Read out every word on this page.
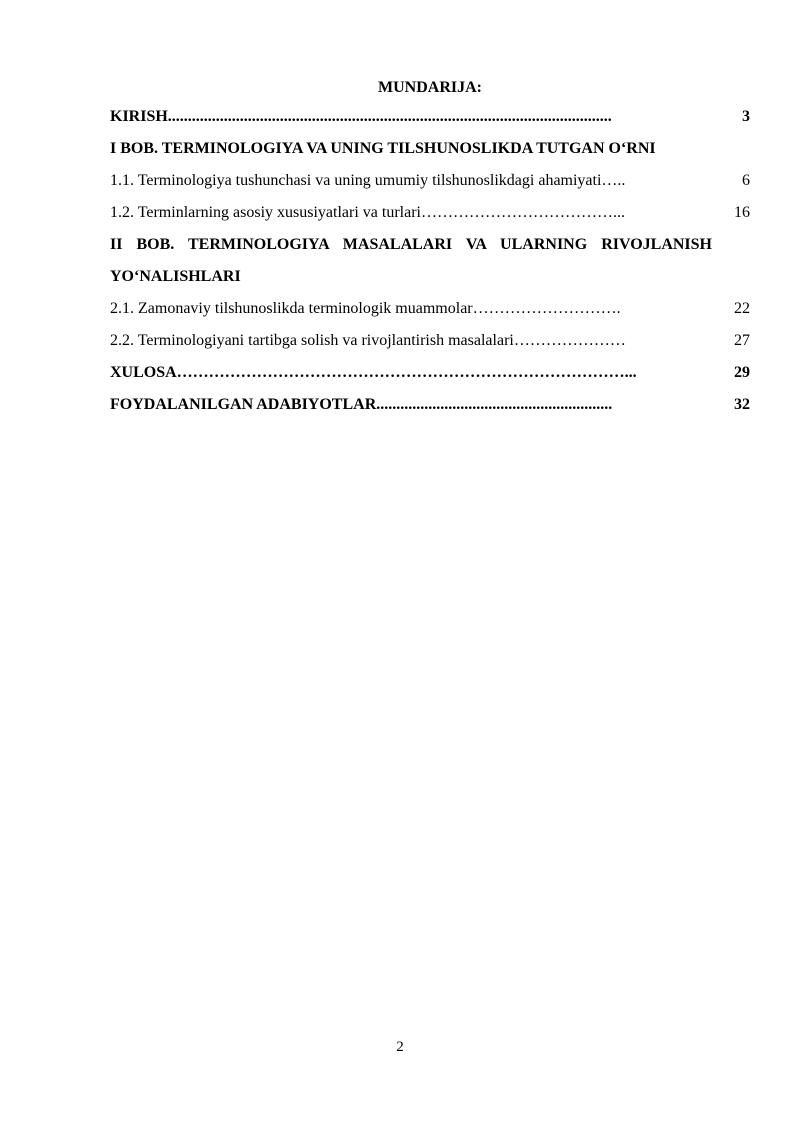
MUNDARIJA:
KIRISH...............................................................................................................	3
I BOB. TERMINOLOGIYA VA UNING TILSHUNOSLIKDA TUTGAN O‘RNI
1.1. Terminologiya tushunchasi va uning umumiy tilshunoslikdagi ahamiyati…..	6
1.2. Terminlarning asosiy xususiyatlari va turlari………………………………...	16
II BOB. TERMINOLOGIYA MASALALARI VA ULARNING RIVOJLANISH YO‘NALISHLARI
2.1. Zamonaviy tilshunoslikda terminologik muammolar……………………….	22
2.2. Terminologiyani tartibga solish va rivojlantirish masalalari…………………	27
XULOSA…………………………………………………………………………...	29
FOYDALANILGAN ADABIYOTLAR...........................................................	32
2
